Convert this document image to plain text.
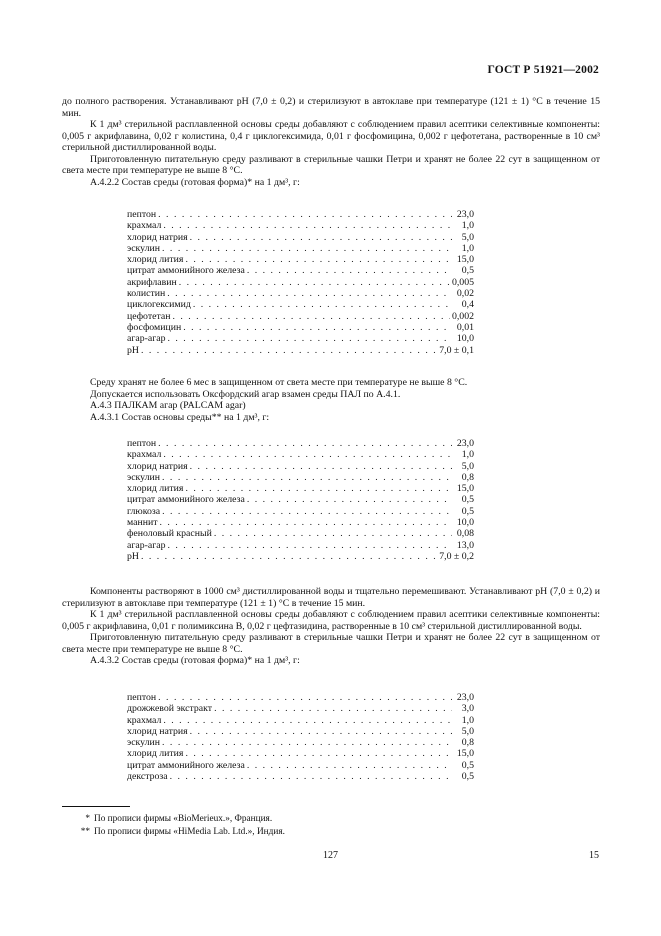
ГОСТ Р 51921—2002

до полного растворения. Устанавливают pH (7,0 ± 0,2) и стерилизуют в автоклаве при температуре (121 ± 1) °С в течение 15 мин.

К 1 дм³ стерильной расплавленной основы среды добавляют с соблюдением правил асептики селективные компоненты: 0,005 г акрифлавина, 0,02 г колистина, 0,4 г циклогексимида, 0,01 г фосфомицина, 0,002 г цефотетана, растворенные в 10 см³ стерильной дистиллированной воды.

Приготовленную питательную среду разливают в стерильные чашки Петри и хранят не более 22 сут в защищенном от света месте при температуре не выше 8 °С.

А.4.2.2 Состав среды (готовая форма)* на 1 дм³, г:

пептон . . .	23,0
крахмал . . .	1,0
хлорид натрия . . .	5,0
эскулин . . .	1,0
хлорид лития . . .	15,0
цитрат аммонийного железа . . .	0,5
акрифлавин . . .	0,005
колистин . . .	0,02
циклогексимид . . .	0,4
цефотетан . . .	0,002
фосфомицин . . .	0,01
агар-агар . . .	10,0
pH . . .	7,0 ± 0,1

Среду хранят не более 6 мес в защищенном от света месте при температуре не выше 8 °С.

Допускается использовать Оксфордский агар взамен среды ПАЛ по А.4.1.

А.4.3 ПАЛКАМ агар (PALCAM agar)

А.4.3.1 Состав основы среды** на 1 дм³, г:

пептон . . .	23,0
крахмал . . .	1,0
хлорид натрия . . .	5,0
эскулин . . .	0,8
хлорид лития . . .	15,0
цитрат аммонийного железа . . .	0,5
глюкоза . . .	0,5
маннит . . .	10,0
феноловый красный . . .	0,08
агар-агар . . .	13,0
pH . . .	7,0 ± 0,2

Компоненты растворяют в 1000 см³ дистиллированной воды и тщательно перемешивают. Устанавливают pH (7,0 ± 0,2) и стерилизуют в автоклаве при температуре (121 ± 1) °С в течение 15 мин.

К 1 дм³ стерильной расплавленной основы среды добавляют с соблюдением правил асептики селективные компоненты: 0,005 г акрифлавина, 0,01 г полимиксина В, 0,02 г цефтазидина, растворенные в 10 см³ стерильной дистиллированной воды.

Приготовленную питательную среду разливают в стерильные чашки Петри и хранят не более 22 сут в защищенном от света месте при температуре не выше 8 °С.

А.4.3.2 Состав среды (готовая форма)* на 1 дм³, г:

пептон . . .	23,0
дрожжевой экстракт . . .	3,0
крахмал . . .	1,0
хлорид натрия . . .	5,0
эскулин . . .	0,8
хлорид лития . . .	15,0
цитрат аммонийного железа . . .	0,5
декстроза . . .	0,5
* По прописи фирмы «BioMerieux.», Франция.
** По прописи фирмы «HiMedia Lab. Ltd.», Индия.
127	15
